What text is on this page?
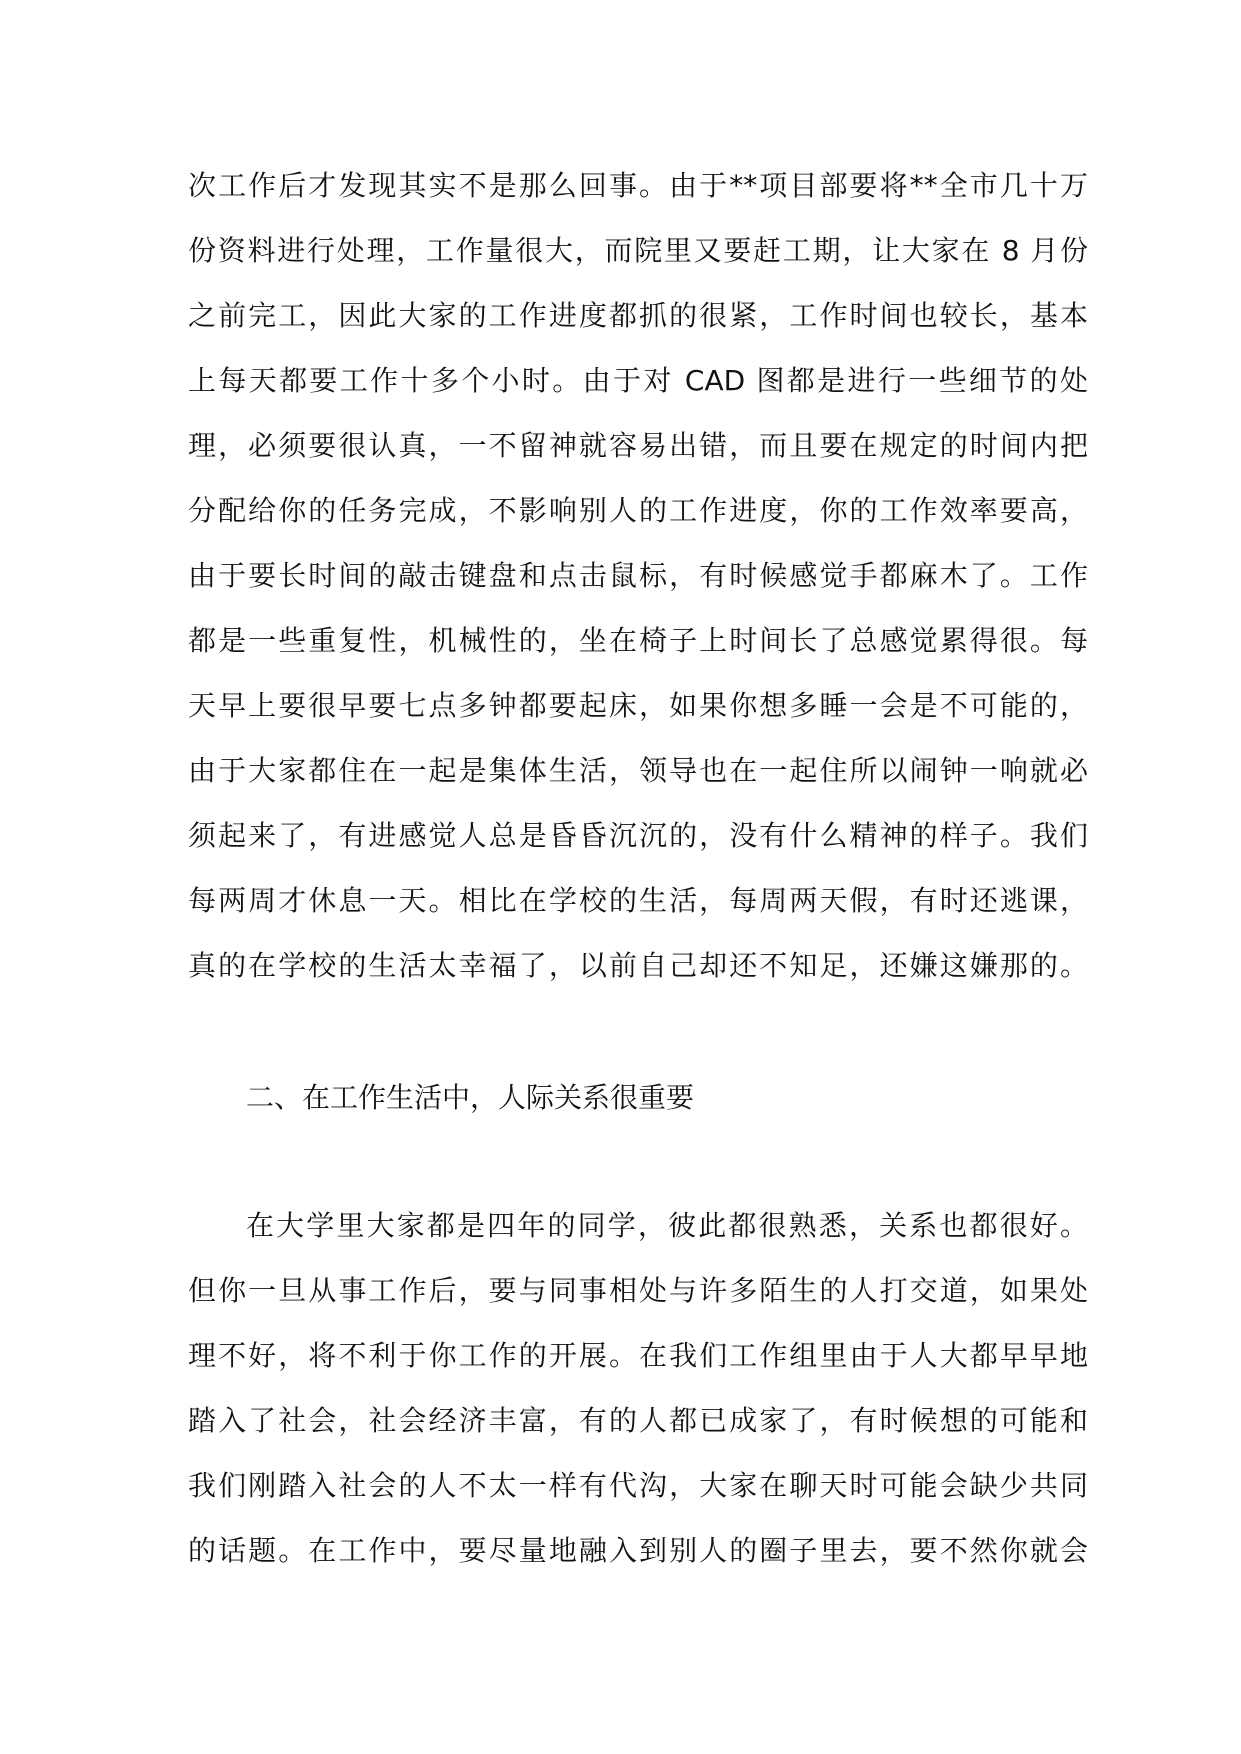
次工作后才发现其实不是那么回事。由于**项目部要将**全市几十万
份资料进行处理，工作量很大，而院里又要赶工期，让大家在 8 月份
之前完工，因此大家的工作进度都抓的很紧，工作时间也较长，基本
上每天都要工作十多个小时。由于对 CAD 图都是进行一些细节的处
理，必须要很认真，一不留神就容易出错，而且要在规定的时间内把
分配给你的任务完成，不影响别人的工作进度，你的工作效率要高，
由于要长时间的敲击键盘和点击鼠标，有时候感觉手都麻木了。工作
都是一些重复性，机械性的，坐在椅子上时间长了总感觉累得很。每
天早上要很早要七点多钟都要起床，如果你想多睡一会是不可能的，
由于大家都住在一起是集体生活，领导也在一起住所以闹钟一响就必
须起来了，有进感觉人总是昏昏沉沉的，没有什么精神的样子。我们
每两周才休息一天。相比在学校的生活，每周两天假，有时还逃课，
真的在学校的生活太幸福了，以前自己却还不知足，还嫌这嫌那的。
二、在工作生活中，人际关系很重要
在大学里大家都是四年的同学，彼此都很熟悉，关系也都很好。
但你一旦从事工作后，要与同事相处与许多陌生的人打交道，如果处
理不好，将不利于你工作的开展。在我们工作组里由于人大都早早地
踏入了社会，社会经济丰富，有的人都已成家了，有时候想的可能和
我们刚踏入社会的人不太一样有代沟，大家在聊天时可能会缺少共同
的话题。在工作中，要尽量地融入到别人的圈子里去，要不然你就会
